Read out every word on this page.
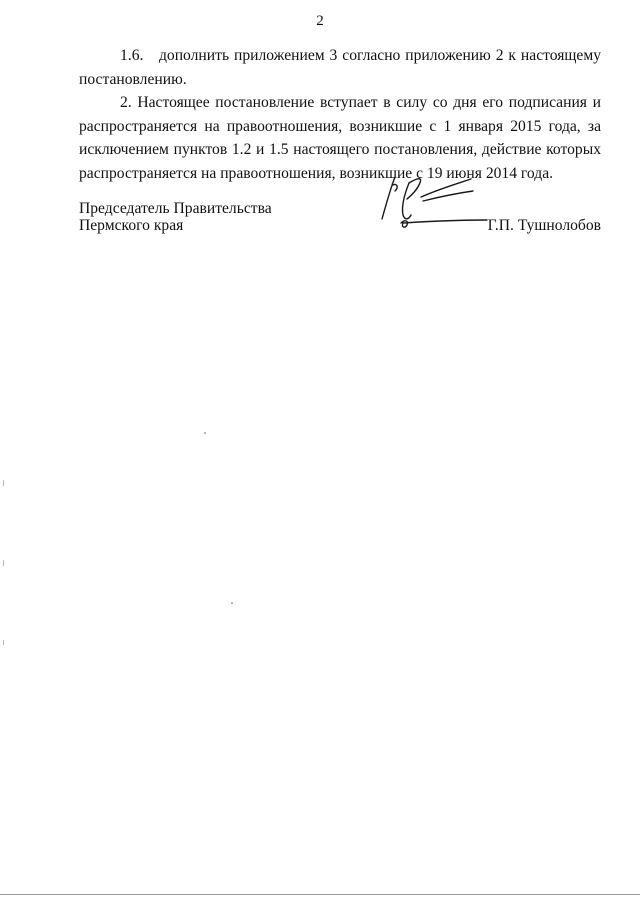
2

1.6. дополнить приложением 3 согласно приложению 2 к настоящему постановлению.

2. Настоящее постановление вступает в силу со дня его подписания и распространяется на правоотношения, возникшие с 1 января 2015 года, за исключением пунктов 1.2 и 1.5 настоящего постановления, действие которых распространяется на правоотношения, возникшие с 19 июня 2014 года.

Председатель Правительства
Пермского края	Г.П. Тушнолобов
